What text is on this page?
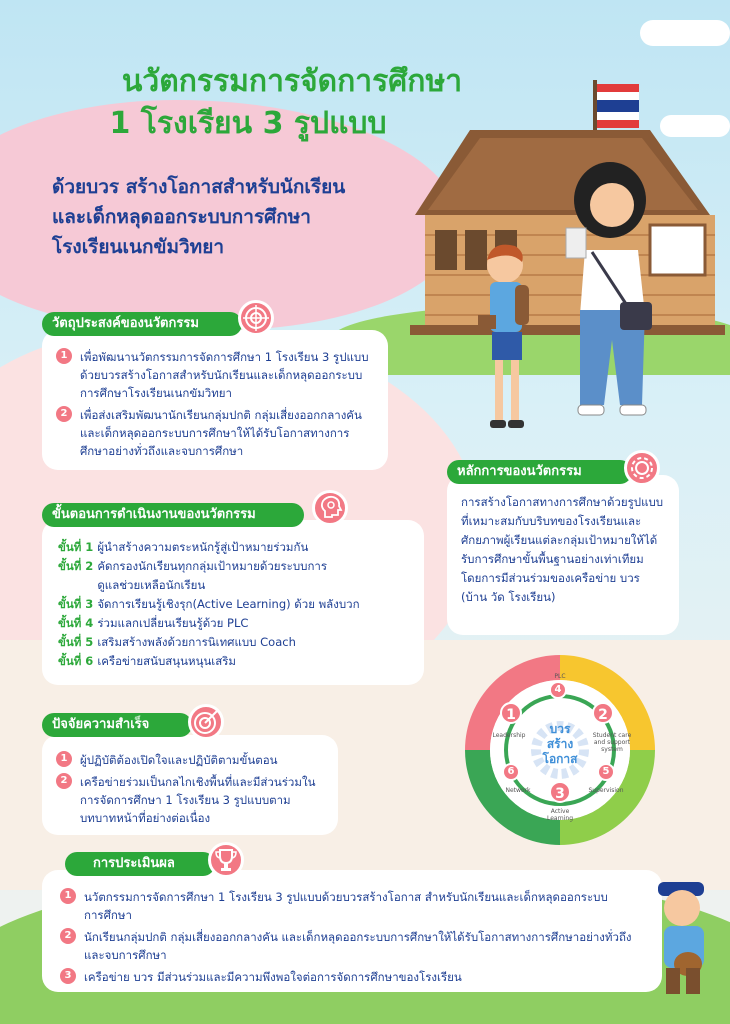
นวัตกรรมการจัดการศึกษา
1 โรงเรียน 3 รูปแบบ
ด้วยบวร สร้างโอกาสสำหรับนักเรียน
และเด็กหลุดออกระบบการศึกษา
โรงเรียนเนกขัมวิทยา
1	เพื่อพัฒนานวัตกรรมการจัดการศึกษา 1 โรงเรียน 3 รูปแบบด้วยบวรสร้างโอกาสสำหรับนักเรียนและเด็กหลุดออกระบบการศึกษาโรงเรียนเนกขัมวิทยา
2	เพื่อส่งเสริมพัฒนานักเรียนกลุ่มปกติ กลุ่มเสี่ยงออกกลางคันและเด็กหลุดออกระบบการศึกษาให้ได้รับโอกาสทางการศึกษาอย่างทั่วถึงและจบการศึกษา
วัตถุประสงค์ของนวัตกรรม
ขั้นที่ 1 ผู้นำสร้างความตระหนักรู้สู่เป้าหมายร่วมกัน
ขั้นที่ 2 คัดกรองนักเรียนทุกกลุ่มเป้าหมายด้วยระบบการดูแลช่วยเหลือนักเรียน
ขั้นที่ 3 จัดการเรียนรู้เชิงรุก(Active Learning) ด้วย พลังบวก
ขั้นที่ 4 ร่วมแลกเปลี่ยนเรียนรู้ด้วย PLC
ขั้นที่ 5 เสริมสร้างพลังด้วยการนิเทศแบบ Coach
ขั้นที่ 6 เครือข่ายสนับสนุนหนุนเสริม
ขั้นตอนการดำเนินงานของนวัตกรรม
1	ผู้ปฏิบัติต้องเปิดใจและปฏิบัติตามขั้นตอน
2	เครือข่ายร่วมเป็นกลไกเชิงพื้นที่และมีส่วนร่วมในการจัดการศึกษา 1 โรงเรียน 3 รูปแบบตามบทบาทหน้าที่อย่างต่อเนื่อง
ปัจจัยความสำเร็จ
การสร้างโอกาสทางการศึกษาด้วยรูปแบบที่เหมาะสมกับบริบทของโรงเรียนและศักยภาพผู้เรียนแต่ละกลุ่มเป้าหมายให้ได้รับการศึกษาขั้นพื้นฐานอย่างเท่าเทียม โดยการมีส่วนร่วมของเครือข่าย บวร (บ้าน วัด โรงเรียน)
หลักการของนวัตกรรม
บวร
สร้าง
โอกาส
PLC
4
1
Leadership
2
Student care and support system
6
Network
5
Supervision
3
Active Learning
1	นวัตกรรมการจัดการศึกษา 1 โรงเรียน 3 รูปแบบด้วยบวรสร้างโอกาส สำหรับนักเรียนและเด็กหลุดออกระบบการศึกษา
2	นักเรียนกลุ่มปกติ กลุ่มเสี่ยงออกกลางคัน และเด็กหลุดออกระบบการศึกษาให้ได้รับโอกาสทางการศึกษาอย่างทั่วถึงและจบการศึกษา
3	เครือข่าย บวร มีส่วนร่วมและมีความพึงพอใจต่อการจัดการศึกษาของโรงเรียน
การประเมินผล
